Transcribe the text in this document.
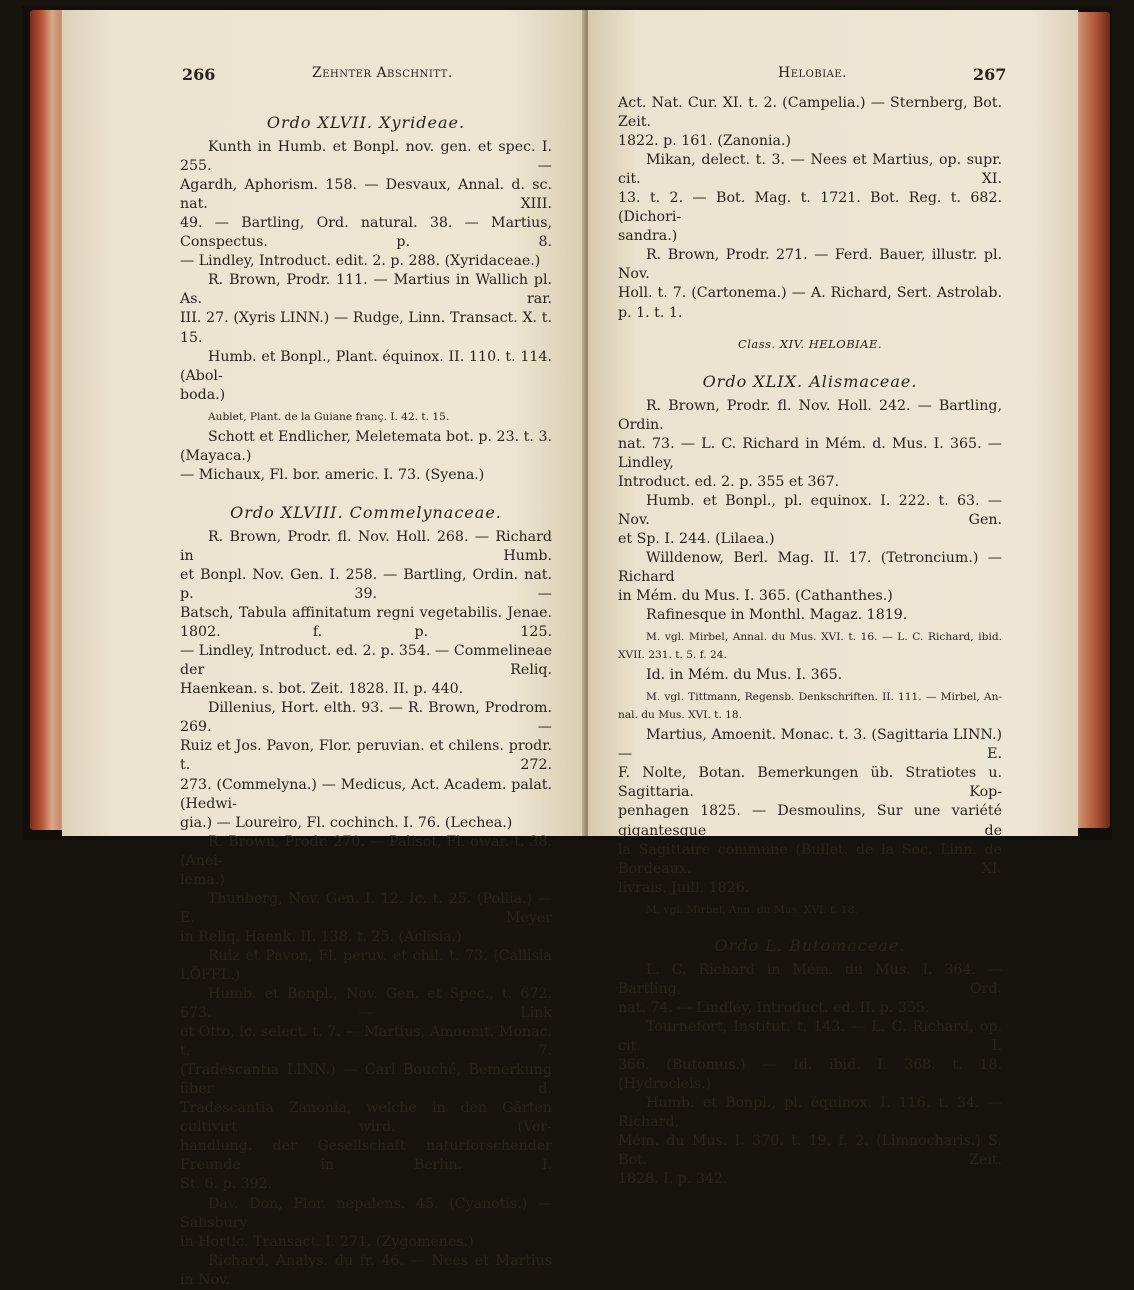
266	Zehnter Abschnitt.

Ordo XLVII. Xyrideae.

Kunth in Humb. et Bonpl. nov. gen. et spec. I. 255. —

Agardh, Aphorism. 158. — Desvaux, Annal. d. sc. nat. XIII.

49. — Bartling, Ord. natural. 38. — Martius, Conspectus. p. 8.

— Lindley, Introduct. edit. 2. p. 288. (Xyridaceae.)

R. Brown, Prodr. 111. — Martius in Wallich pl. As. rar.

III. 27. (Xyris LINN.) — Rudge, Linn. Transact. X. t. 15.

Humb. et Bonpl., Plant. équinox. II. 110. t. 114. (Abol-

boda.)

Aublet, Plant. de la Guiane franç. I. 42. t. 15.

Schott et Endlicher, Meletemata bot. p. 23. t. 3. (Mayaca.)

— Michaux, Fl. bor. americ. I. 73. (Syena.)

Ordo XLVIII. Commelynaceae.

R. Brown, Prodr. fl. Nov. Holl. 268. — Richard in Humb.

et Bonpl. Nov. Gen. I. 258. — Bartling, Ordin. nat. p. 39. —

Batsch, Tabula affinitatum regni vegetabilis. Jenae. 1802. f. p. 125.

— Lindley, Introduct. ed. 2. p. 354. — Commelineae der Reliq.

Haenkean. s. bot. Zeit. 1828. II. p. 440.

Dillenius, Hort. elth. 93. — R. Brown, Prodrom. 269. —

Ruiz et Jos. Pavon, Flor. peruvian. et chilens. prodr. t. 272.

273. (Commelyna.) — Medicus, Act. Academ. palat. (Hedwi-

gia.) — Loureiro, Fl. cochinch. I. 76. (Lechea.)

R. Brown, Prodr. 270. — Palisot, Fl. owar. t. 38. (Anei-

lema.)

Thunberg, Nov. Gen. I. 12. Ic. t. 25. (Pollia.) — E. Meyer

in Reliq. Haenk. II. 138. t. 25. (Aclisia.)

Ruiz et Pavon, Fl. peruv. et chil. t. 73. (Callisia LÖFFL.)

Humb. et Bonpl., Nov. Gen. et Spec., t. 672. 673. — Link

et Otto, ic. select. t. 7. — Martius, Amoenit. Monac. t. 7.

(Tradescantia LINN.) — Carl Bouché, Bemerkung über d.

Tradescantia Zanonia, welche in den Gärten cultivirt wird. (Ver-

handlung. der Gesellschaft naturforschender Freunde in Berlin. I.

St. 6. p. 392.

Dav. Don, Flor. nepalens. 45. (Cyanotis.) — Salisbury

in Hortic. Transact. I. 271. (Zygomenes.)

Richard, Analys. du fr. 46. — Nees et Martius in Nov.

Helobiae.	267

Act. Nat. Cur. XI. t. 2. (Campelia.) — Sternberg, Bot. Zeit.

1822. p. 161. (Zanonia.)

Mikan, delect. t. 3. — Nees et Martius, op. supr. cit. XI.

13. t. 2. — Bot. Mag. t. 1721. Bot. Reg. t. 682. (Dichori-

sandra.)

R. Brown, Prodr. 271. — Ferd. Bauer, illustr. pl. Nov.

Holl. t. 7. (Cartonema.) — A. Richard, Sert. Astrolab. p. 1. t. 1.

Class. XIV. HELOBIAE.

Ordo XLIX. Alismaceae.

R. Brown, Prodr. fl. Nov. Holl. 242. — Bartling, Ordin.

nat. 73. — L. C. Richard in Mém. d. Mus. I. 365. — Lindley,

Introduct. ed. 2. p. 355 et 367.

Humb. et Bonpl., pl. equinox. I. 222. t. 63. — Nov. Gen.

et Sp. I. 244. (Lilaea.)

Willdenow, Berl. Mag. II. 17. (Tetroncium.) — Richard

in Mém. du Mus. I. 365. (Cathanthes.)

Rafinesque in Monthl. Magaz. 1819.

M. vgl. Mirbel, Annal. du Mus. XVI. t. 16. — L. C. Richard, ibid.

XVII. 231. t. 5. f. 24.

Id. in Mém. du Mus. I. 365.

M. vgl. Tittmann, Regensb. Denkschriften. II. 111. — Mirbel, An-

nal. du Mus. XVI. t. 18.

Martius, Amoenit. Monac. t. 3. (Sagittaria LINN.) — E.

F. Nolte, Botan. Bemerkungen üb. Stratiotes u. Sagittaria. Kop-

penhagen 1825. — Desmoulins, Sur une variété gigantesque de

la Sagittaire commune (Bullet. de la Soc. Linn. de Bordeaux. XI.

livrais. Juill. 1826.

M. vgl. Mirbel, Ann. du Mus. XVI. t. 18.

Ordo L. Butomaceae.

L. C. Richard in Mém. du Mus. I. 364. — Bartling, Ord.

nat. 74. — Lindley, Introduct. ed. II. p. 355.

Tournefort, Institut. t. 143. — L. C. Richard, op. cit. I.

366. (Butomus.) — Id. ibid. I. 368. t. 18. (Hydrocleis.)

Humb. et Bonpl., pl. équinox. I. 116. t. 34. — Richard,

Mém. du Mus. I. 370. t. 19. f. 2. (Limnocharis.) S. Bot. Zeit.

1828. I. p. 342.
